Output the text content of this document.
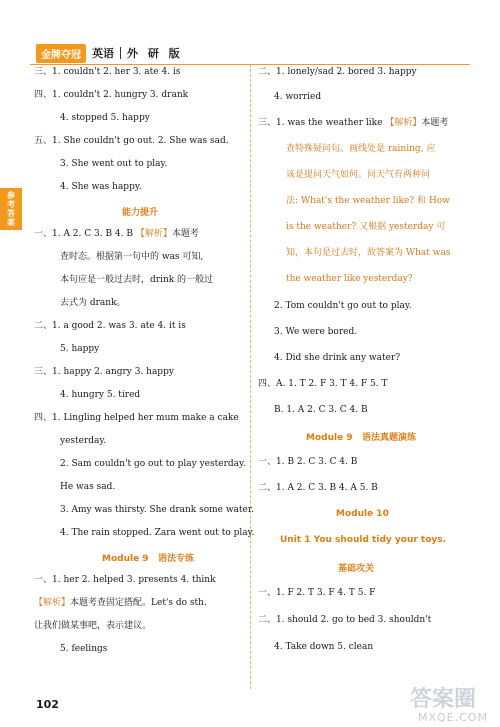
金牌夺冠	英语 外 研 版
参考答案
三、1. couldn't 2. her 3. ate 4. is
四、1. couldn't 2. hungry 3. drank
4. stopped 5. happy
五、1. She couldn't go out. 2. She was sad.
3. She went out to play.
4. She was happy.
能力提升
一、1. A 2. C 3. B 4. B 【解析】本题考
查时态。根据第一句中的 was 可知,
本句应是一般过去时，drink 的一般过
去式为 drank。
二、1. a good 2. was 3. ate 4. it is
5. happy
三、1. happy 2. angry 3. happy
4. hungry 5. tired
四、1. Lingling helped her mum make a cake
yesterday.
2. Sam couldn't go out to play yesterday.
He was sad.
3. Amy was thirsty. She drank some water.
4. The rain stopped. Zara went out to play.
Module 9 语法专练
一、1. her 2. helped 3. presents 4. think
【解析】本题考查固定搭配。Let's do sth.
让我们做某事吧，表示建议。
5. feelings
二、1. lonely/sad 2. bored 3. happy
4. worried
三、1. was the weather like 【解析】本题考
查特殊疑问句。画线处是 raining, 应
该是提问天气如何。问天气有两种问
法: What's the weather like? 和 How
is the weather? 又根据 yesterday 可
知，本句是过去时，故答案为 What was
the weather like yesterday?
2. Tom couldn't go out to play.
3. We were bored.
4. Did she drink any water?
四、A. 1. T 2. F 3. T 4. F 5. T
B. 1. A 2. C 3. C 4. B
Module 9 语法真题演练
一、1. B 2. C 3. C 4. B
二、1. A 2. C 3. B 4. A 5. B
Module 10
Unit 1 You should tidy your toys.
基础攻关
一、1. F 2. T 3. F 4. T 5. F
二、1. should 2. go to bed 3. shouldn't
4. Take down 5. clean
102	答案圈
MXQE.COM
